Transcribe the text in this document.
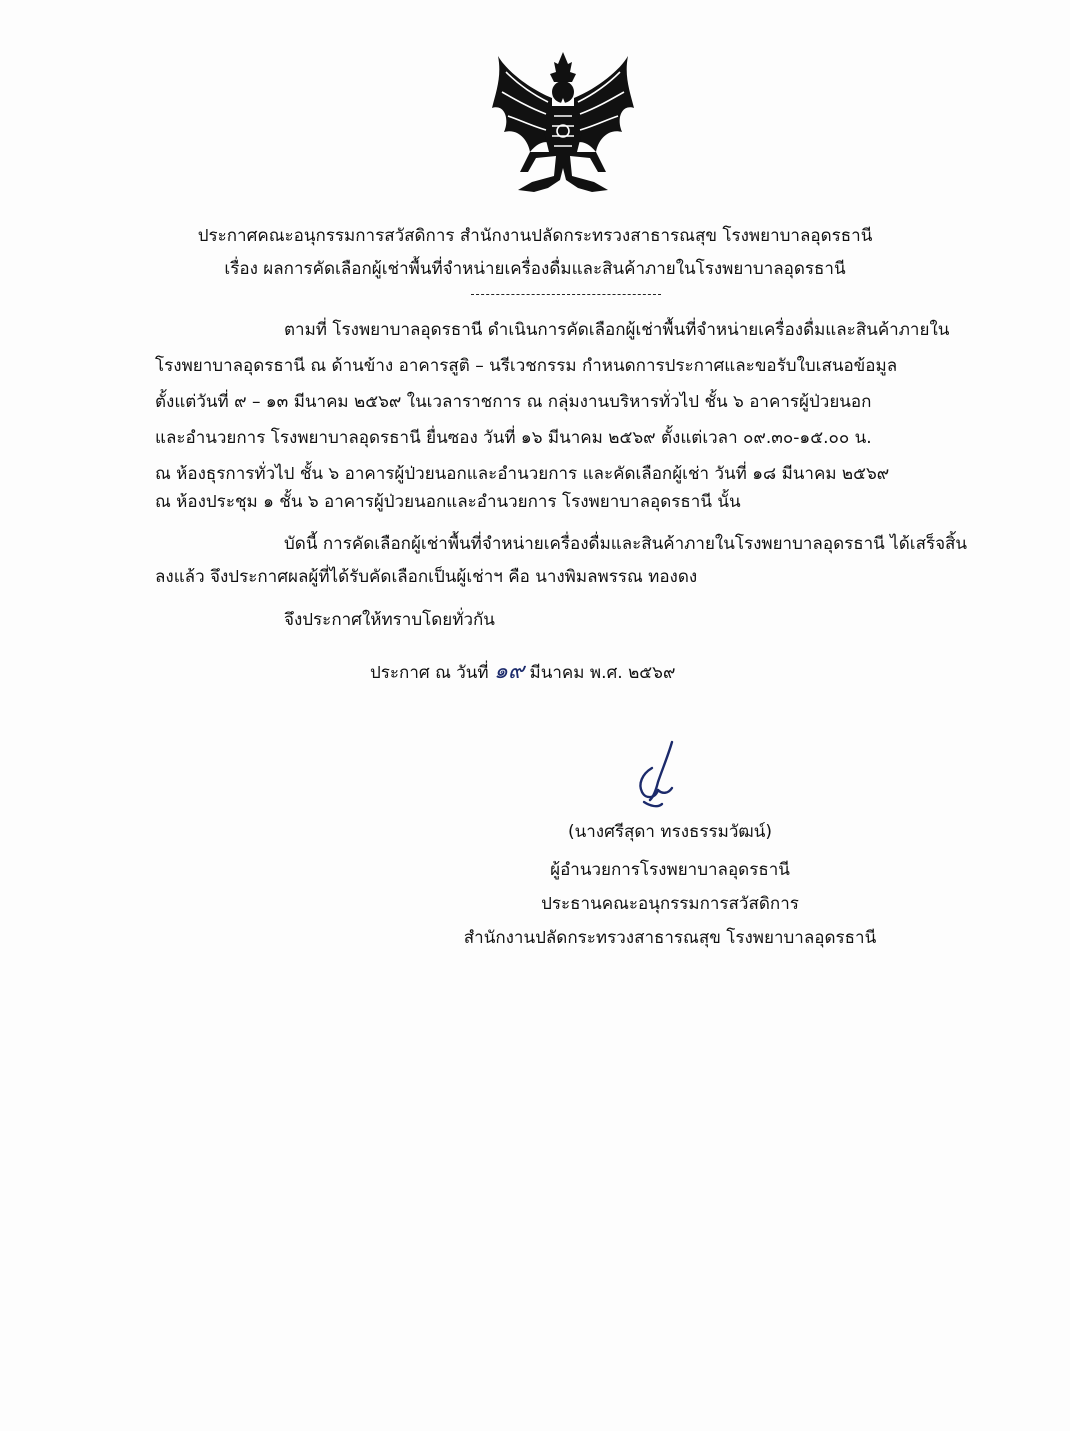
ประกาศคณะอนุกรรมการสวัสดิการ สำนักงานปลัดกระทรวงสาธารณสุข โรงพยาบาลอุดรธานี
เรื่อง ผลการคัดเลือกผู้เช่าพื้นที่จำหน่ายเครื่องดื่มและสินค้าภายในโรงพยาบาลอุดรธานี
ตามที่ โรงพยาบาลอุดรธานี ดำเนินการคัดเลือกผู้เช่าพื้นที่จำหน่ายเครื่องดื่มและสินค้าภายใน
โรงพยาบาลอุดรธานี ณ ด้านข้าง อาคารสูติ – นรีเวชกรรม กำหนดการประกาศและขอรับใบเสนอข้อมูล
ตั้งแต่วันที่ ๙ – ๑๓ มีนาคม ๒๕๖๙ ในเวลาราชการ ณ กลุ่มงานบริหารทั่วไป ชั้น ๖ อาคารผู้ป่วยนอก
และอำนวยการ โรงพยาบาลอุดรธานี ยื่นซอง วันที่ ๑๖ มีนาคม ๒๕๖๙ ตั้งแต่เวลา ๐๙.๓๐-๑๕.๐๐ น.
ณ ห้องธุรการทั่วไป ชั้น ๖ อาคารผู้ป่วยนอกและอำนวยการ และคัดเลือกผู้เช่า วันที่ ๑๘ มีนาคม ๒๕๖๙
ณ ห้องประชุม ๑ ชั้น ๖ อาคารผู้ป่วยนอกและอำนวยการ โรงพยาบาลอุดรธานี นั้น
บัดนี้ การคัดเลือกผู้เช่าพื้นที่จำหน่ายเครื่องดื่มและสินค้าภายในโรงพยาบาลอุดรธานี ได้เสร็จสิ้น
ลงแล้ว จึงประกาศผลผู้ที่ได้รับคัดเลือกเป็นผู้เช่าฯ คือ นางพิมลพรรณ ทองดง
จึงประกาศให้ทราบโดยทั่วกัน
ประกาศ ณ วันที่ ๑๙ มีนาคม พ.ศ. ๒๕๖๙
(นางศรีสุดา ทรงธรรมวัฒน์)
ผู้อำนวยการโรงพยาบาลอุดรธานี
ประธานคณะอนุกรรมการสวัสดิการ
สำนักงานปลัดกระทรวงสาธารณสุข โรงพยาบาลอุดรธานี
